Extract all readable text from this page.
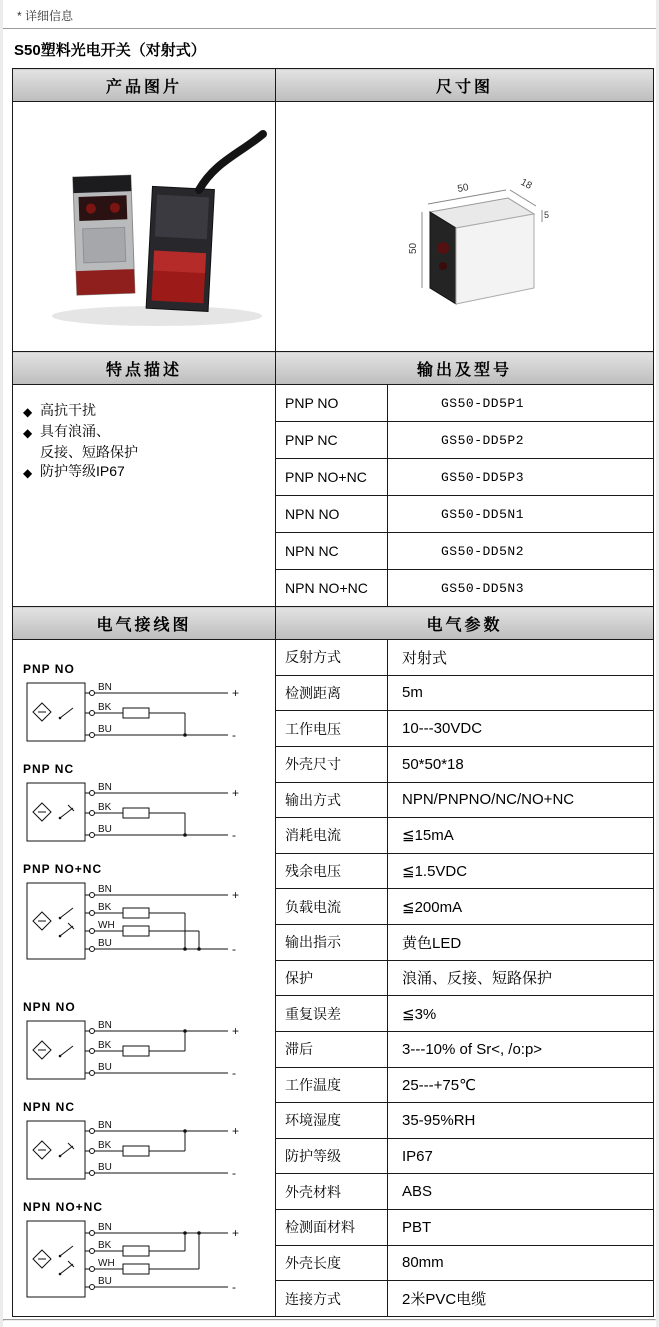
* 详细信息
S50塑料光电开关（对射式）
产品图片	尺寸图

50 18
5
50

特点描述	输出及型号

◆ 高抗干扰
◆ 具有浪涌、
反接、短路保护
◆ 防护等级IP67

PNP NO	GS50-DD5P1
PNP NC	GS50-DD5P2
PNP NO+NC	GS50-DD5P3
NPN NO	GS50-DD5N1
NPN NC	GS50-DD5N2
NPN NO+NC	GS50-DD5N3

电气接线图	电气参数

PNP NO
BN	+
BK
BU	-
PNP NC
BN	+
BK
BU	-
PNP NO+NC
BN	+
BK
WH
BU	-
NPN NO
BN	+
BK
BU	-
NPN NC
BN	+
BK
BU	-
NPN NO+NC
BN	+
BK
WH
BU	-

反射方式	对射式
检测距离	5m
工作电压	10---30VDC
外壳尺寸	50*50*18
输出方式	NPN/PNPNO/NC/NO+NC
消耗电流	≦15mA
残余电压	≦1.5VDC
负载电流	≦200mA
输出指示	黄色LED
保护	浪涌、反接、短路保护
重复误差	≦3%
滞后	3---10% of Sr<, /o:p>
工作温度	25---+75℃
环境湿度	35-95%RH
防护等级	IP67
外壳材料	ABS
检测面材料	PBT
外壳长度	80mm
连接方式	2米PVC电缆
